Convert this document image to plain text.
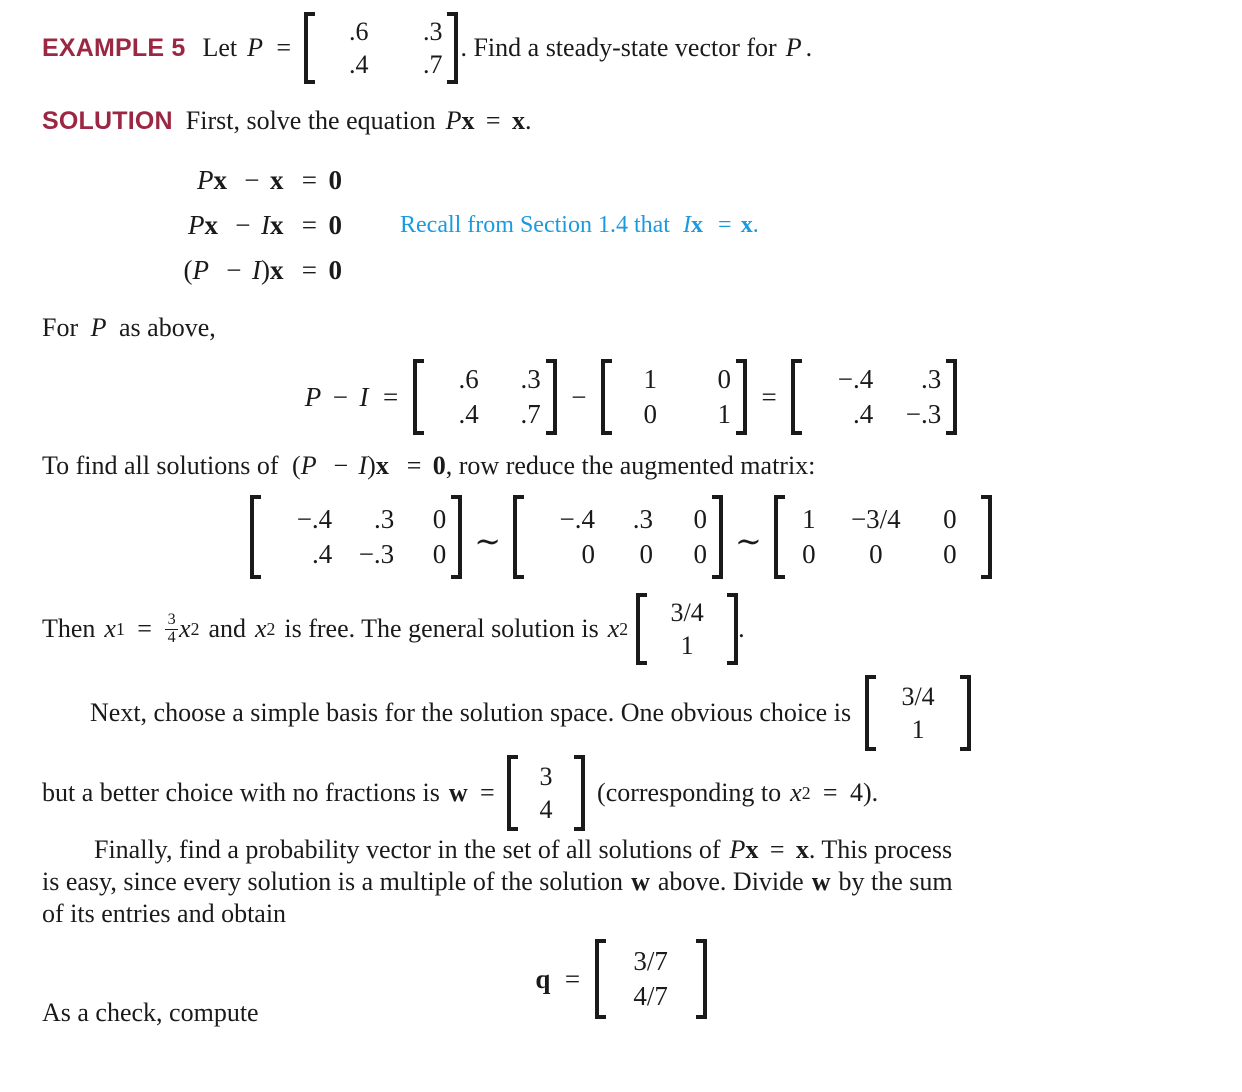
EXAMPLE 5 Let P =
.6	.3
.4	.7
. Find a steady-state vector for P .
SOLUTION First, solve the equation P x = x .
Px − x = 0
Px − Ix = 0 Recall from Section 1.4 that Ix = x.
(P − I)x = 0
For P as above,
P − I =
.6	.3
.4	.7
−
1	0
0	1
=
−.4	.3
.4	−.3
To find all solutions of (P − I)x = 0, row reduce the augmented matrix:
−.4	.3	0
.4 −.3	0 ∼
−.4	.3	0
0	0	0 ∼
1	−3/4	0
0	0	0
Then x $1 = \frac{3}{4}$ x 2 and x 2 is free. The general solution is x 2
3/4
1
.
Next, choose a simple basis for the solution space. One obvious choice is
3/4
1
but a better choice with no fractions is w =
3
4
(corresponding to x 2 = 4 ).
Finally, find a probability vector in the set of all solutions of P x = x . This process
is easy, since every solution is a multiple of the solution w above. Divide w by the sum
of its entries and obtain
q =
3/7
4/7
As a check, compute
